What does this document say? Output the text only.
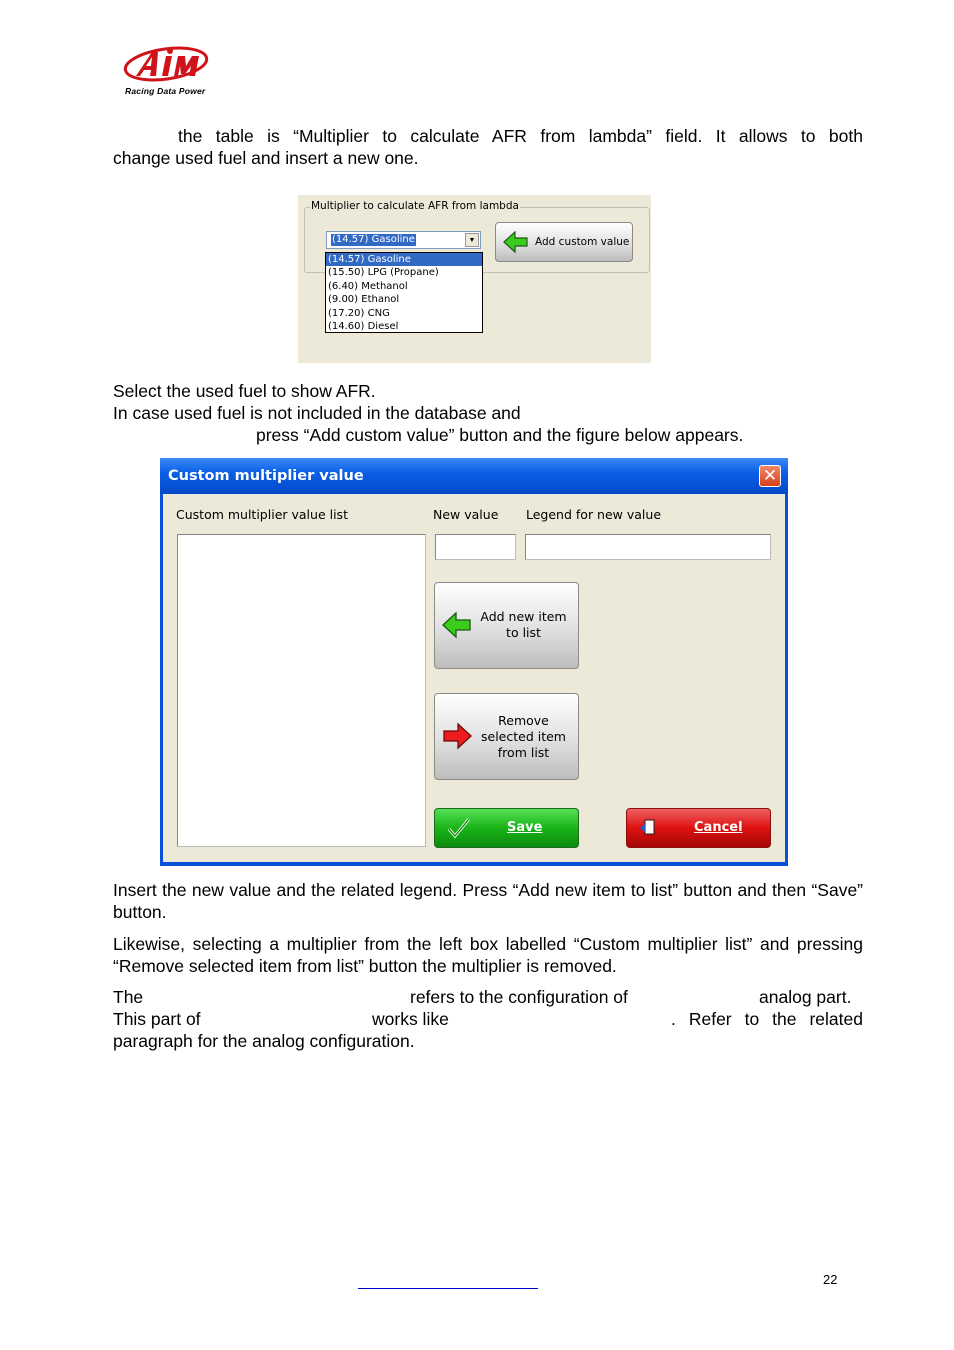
Racing Data Power
the table is “Multiplier to calculate AFR from lambda” field. It allows to both
change used fuel and insert a new one.
Multiplier to calculate AFR from lambda
(14.57) Gasoline	▼
(14.57) Gasoline
(15.50) LPG (Propane)
(6.40) Methanol
(9.00) Ethanol
(17.20) CNG
(14.60) Diesel
Add custom value
Select the used fuel to show AFR.
In case used fuel is not included in the database and
press “Add custom value” button and the figure below appears.
Custom multiplier value	✕
Custom multiplier value list	New value Legend for new value
Add new item to list
Remove selected item from list
Save	Cancel
Insert the new value and the related legend. Press “Add new item to list” button and then “Save” button.
Likewise, selecting a multiplier from the left box labelled “Custom multiplier list” and pressing “Remove selected item from list” button the multiplier is removed.
The	refers to the configuration of	analog part.
This part of	works like	. Refer to the related
paragraph for the analog configuration.
22
